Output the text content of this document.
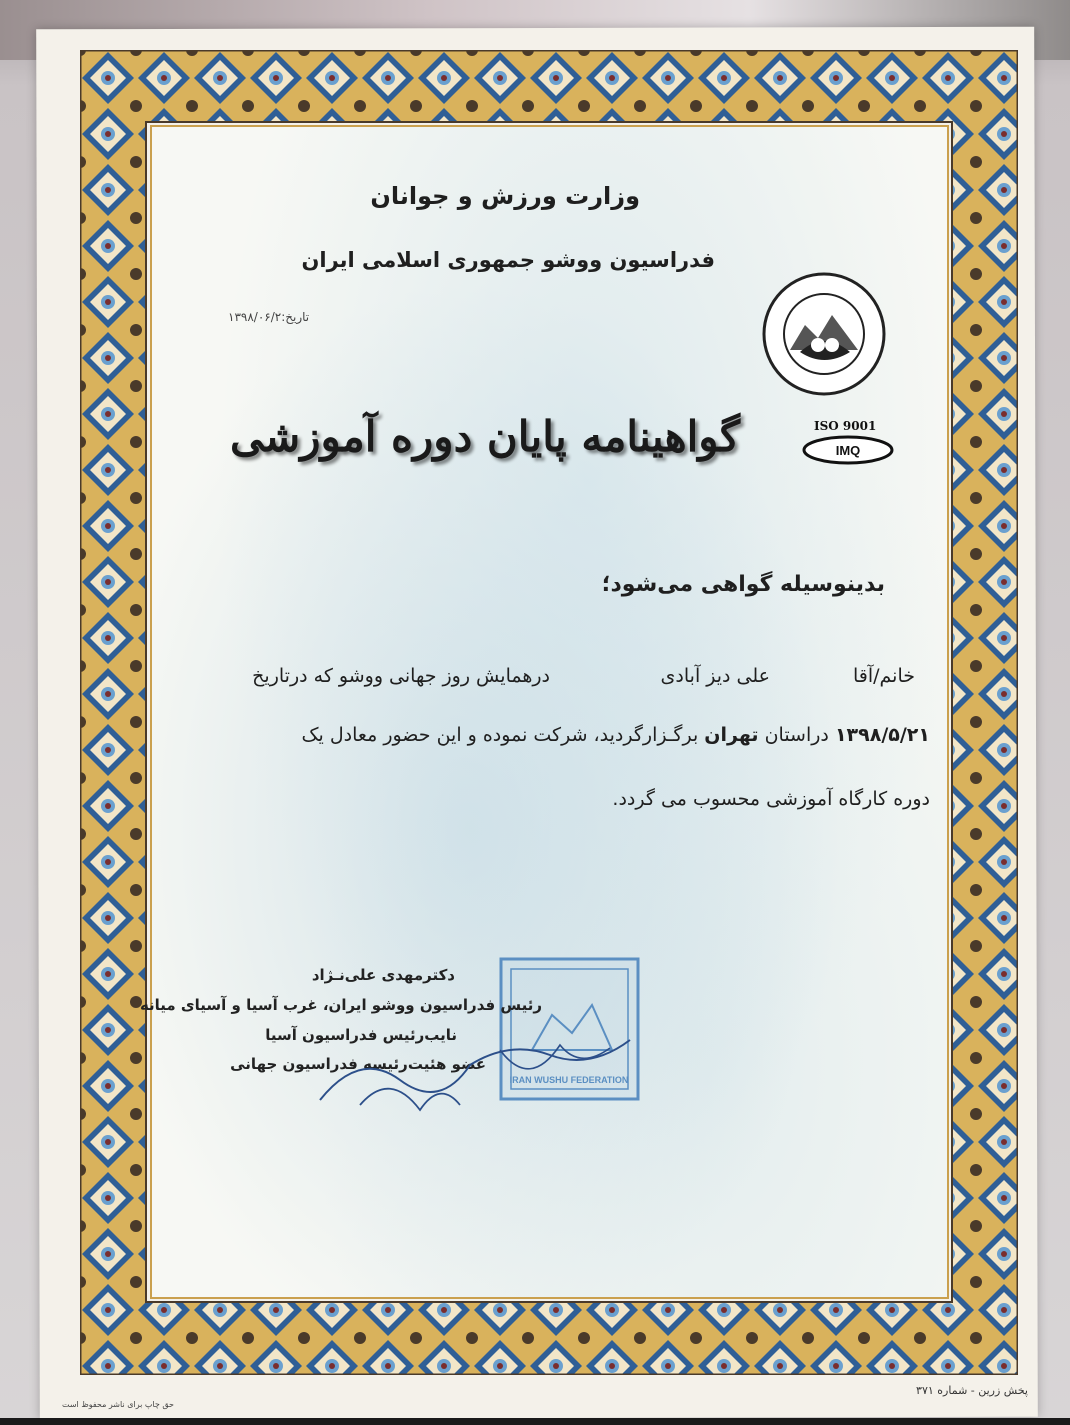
وزارت ورزش و جوانان
فدراسیون ووشو جمهوری اسلامی ایران
تاریخ:۱۳۹۸/۰۶/۲
IMQ
ISO 9001
گواهینامه پایان دوره آموزشی
بدینوسیله گواهی می‌شود؛
خانم/آقا
علی دیز آبادی
درهمایش روز جهانی ووشو که درتاریخ
۱۳۹۸/۵/۲۱ دراستان تهران برگـزارگردید، شرکت نموده و این حضور معادل یک
دوره کارگاه آموزشی محسوب می گردد.
IRAN WUSHU FEDERATION
دکترمهدی علی‌نـژاد
رئیس فدراسیون ووشو ایران، غرب آسیا و آسیای میانه
نایب‌رئیس فدراسیون آسیا
عضو هئیت‌رئیسه فدراسیون جهانی
پخش زرین - شماره ۳۷۱
حق چاپ برای ناشر محفوظ است
